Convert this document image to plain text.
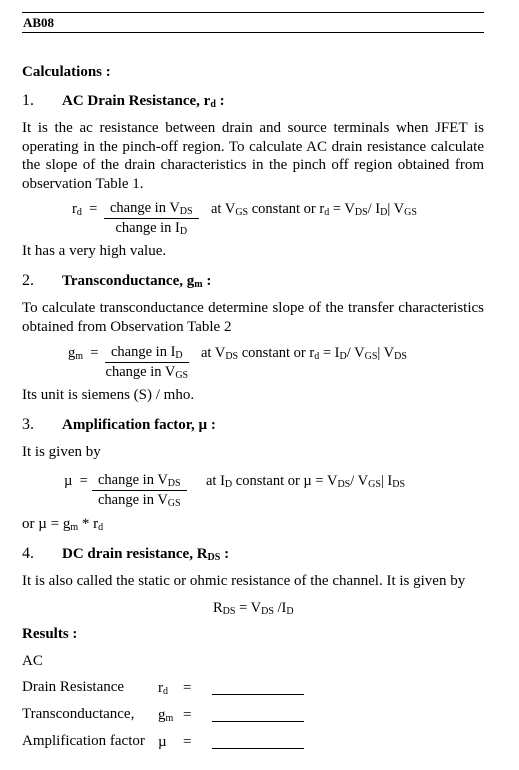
AB08
Calculations :
1. AC Drain Resistance, $r_d$ :
It is the ac resistance between drain and source terminals when JFET is
operating in the pinch-off region. To calculate AC drain resistance calculate
the slope of the drain characteristics in the pinch off region obtained from
observation Table 1.
$r_d$ = change in $V_{DS}$
change in $I_D$
at $V_{GS}$ constant or $r_d = V_{DS}/$ $I_D|$ $V_{GS}$
It has a very high value.
2. Transconductance, $g_m$ :
To calculate transconductance determine slope of the transfer characteristics
obtained from Observation Table 2
$g_m$ = change in $I_D$
change in $V_{GS}$
at $V_{DS}$ constant or $r_d = I_D/$ $V_{GS}|$ $V_{DS}$
Its unit is siemens (S) / mho.
3. Amplification factor, µ :
It is given by
µ = change in $V_{DS}$
change in $V_{GS}$
at $I_D$ constant or $\mu = V_{DS}/$ $V_{GS}|$ $I_{DS}$
or $\mu = g_m * r_d$
4. DC drain resistance, $R_{DS}$ :
It is also called the static or ohmic resistance of the channel. It is given by
$R_{DS} = V_{DS}$ $/I_D$
Results :
AC
Drain Resistance $r_d$ =
Transconductance, $g_m$ =
Amplification factor µ =
